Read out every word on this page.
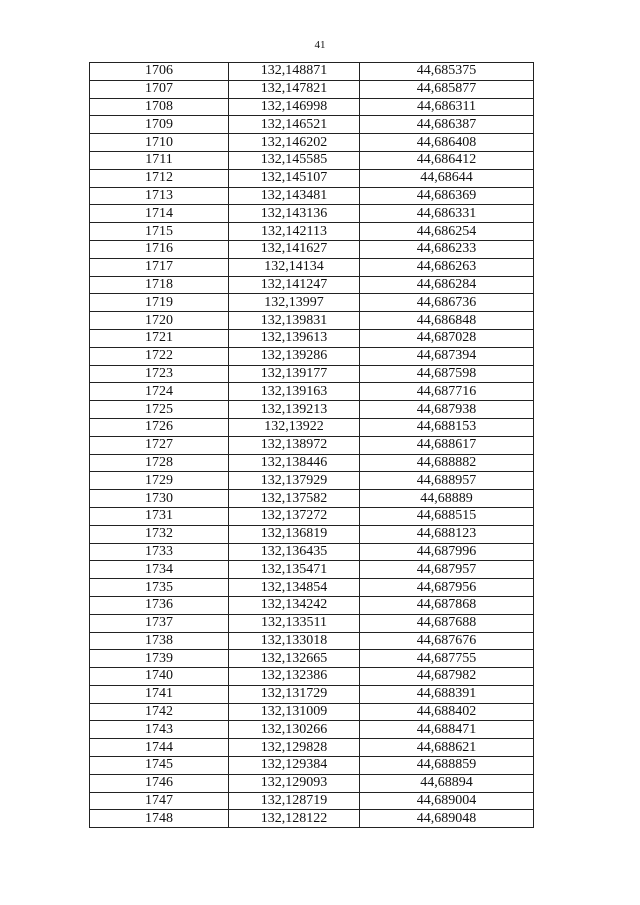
41
1706	132,148871	44,685375
1707	132,147821	44,685877
1708	132,146998	44,686311
1709	132,146521	44,686387
1710	132,146202	44,686408
1711	132,145585	44,686412
1712	132,145107	44,68644
1713	132,143481	44,686369
1714	132,143136	44,686331
1715	132,142113	44,686254
1716	132,141627	44,686233
1717	132,14134	44,686263
1718	132,141247	44,686284
1719	132,13997	44,686736
1720	132,139831	44,686848
1721	132,139613	44,687028
1722	132,139286	44,687394
1723	132,139177	44,687598
1724	132,139163	44,687716
1725	132,139213	44,687938
1726	132,13922	44,688153
1727	132,138972	44,688617
1728	132,138446	44,688882
1729	132,137929	44,688957
1730	132,137582	44,68889
1731	132,137272	44,688515
1732	132,136819	44,688123
1733	132,136435	44,687996
1734	132,135471	44,687957
1735	132,134854	44,687956
1736	132,134242	44,687868
1737	132,133511	44,687688
1738	132,133018	44,687676
1739	132,132665	44,687755
1740	132,132386	44,687982
1741	132,131729	44,688391
1742	132,131009	44,688402
1743	132,130266	44,688471
1744	132,129828	44,688621
1745	132,129384	44,688859
1746	132,129093	44,68894
1747	132,128719	44,689004
1748	132,128122	44,689048
